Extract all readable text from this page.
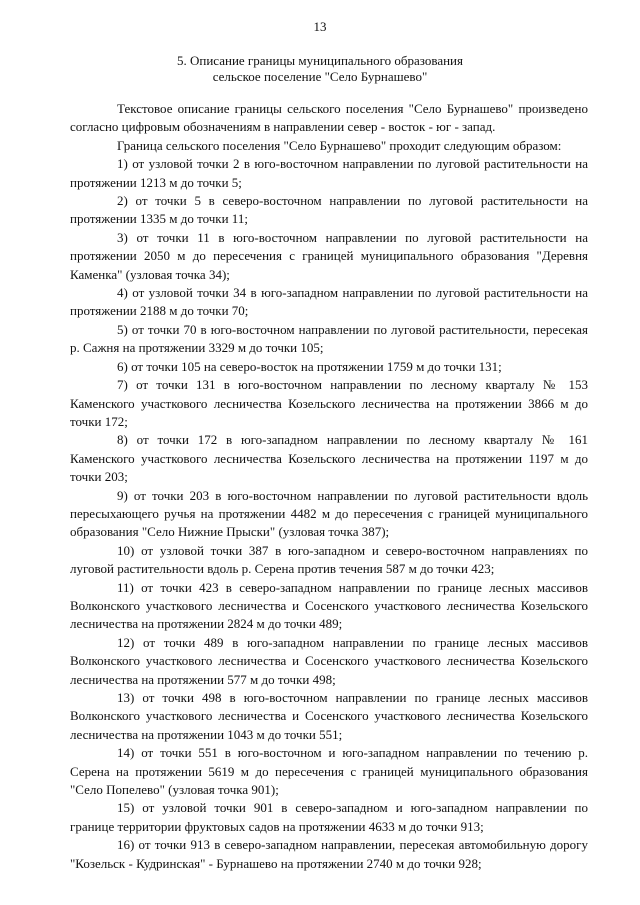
13
5. Описание границы муниципального образования
сельское поселение "Село Бурнашево"

Текстовое описание границы сельского поселения "Село Бурнашево" произведено согласно цифровым обозначениям в направлении север - восток - юг - запад.

Граница сельского поселения "Село Бурнашево" проходит следующим образом:

1) от узловой точки 2 в юго-восточном направлении по луговой растительности на протяжении 1213 м до точки 5;

2) от точки 5 в северо-восточном направлении по луговой растительности на протяжении 1335 м до точки 11;

3) от точки 11 в юго-восточном направлении по луговой растительности на протяжении 2050 м до пересечения с границей муниципального образования "Деревня Каменка" (узловая точка 34);

4) от узловой точки 34 в юго-западном направлении по луговой растительности на протяжении 2188 м до точки 70;

5) от точки 70 в юго-восточном направлении по луговой растительности, пересекая р. Сажня на протяжении 3329 м до точки 105;

6) от точки 105 на северо-восток на протяжении 1759 м до точки 131;

7) от точки 131 в юго-восточном направлении по лесному кварталу № 153 Каменского участкового лесничества Козельского лесничества на протяжении 3866 м до точки 172;

8) от точки 172 в юго-западном направлении по лесному кварталу № 161 Каменского участкового лесничества Козельского лесничества на протяжении 1197 м до точки 203;

9) от точки 203 в юго-восточном направлении по луговой растительности вдоль пересыхающего ручья на протяжении 4482 м до пересечения с границей муниципального образования "Село Нижние Прыски" (узловая точка 387);

10) от узловой точки 387 в юго-западном и северо-восточном направлениях по луговой растительности вдоль р. Серена против течения 587 м до точки 423;

11) от точки 423 в северо-западном направлении по границе лесных массивов Волконского участкового лесничества и Сосенского участкового лесничества Козельского лесничества на протяжении 2824 м до точки 489;

12) от точки 489 в юго-западном направлении по границе лесных массивов Волконского участкового лесничества и Сосенского участкового лесничества Козельского лесничества на протяжении 577 м до точки 498;

13) от точки 498 в юго-восточном направлении по границе лесных массивов Волконского участкового лесничества и Сосенского участкового лесничества Козельского лесничества на протяжении 1043 м до точки 551;

14) от точки 551 в юго-восточном и юго-западном направлении по течению р. Серена на протяжении 5619 м до пересечения с границей муниципального образования "Село Попелево" (узловая точка 901);

15) от узловой точки 901 в северо-западном и юго-западном направлении по границе территории фруктовых садов на протяжении 4633 м до точки 913;

16) от точки 913 в северо-западном направлении, пересекая автомобильную дорогу "Козельск - Кудринская" - Бурнашево на протяжении 2740 м до точки 928;
